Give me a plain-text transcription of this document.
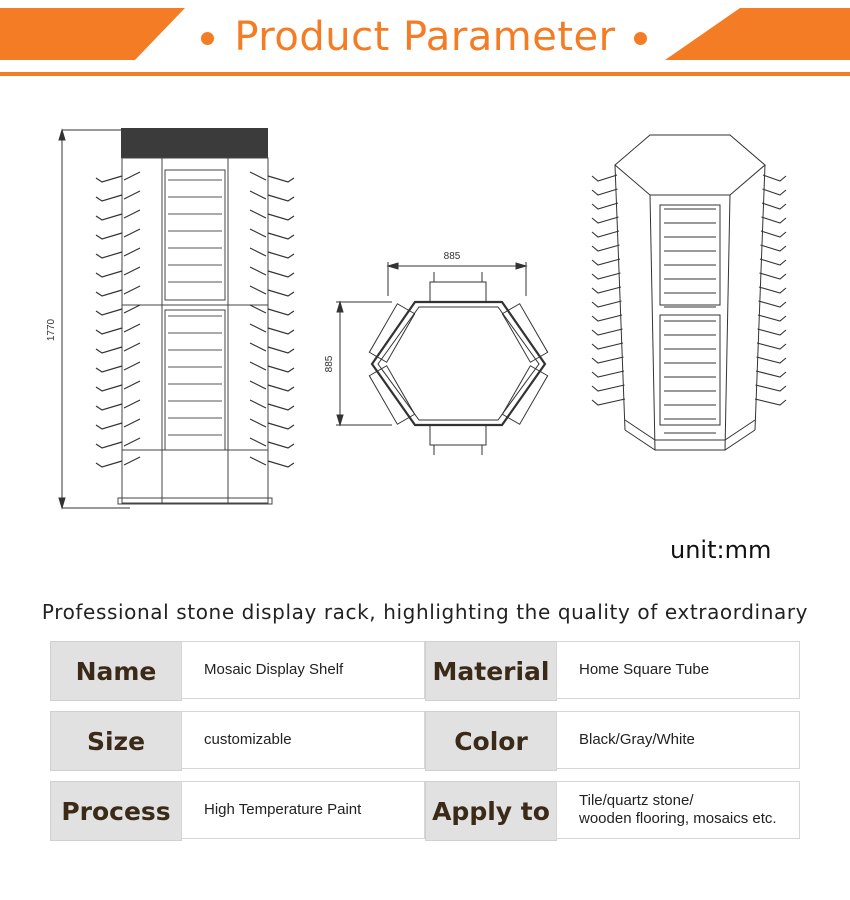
Product Parameter
1770
885
885
unit:mm
Professional stone display rack, highlighting the quality of extraordinary
Name	Mosaic Display Shelf	Material	Home Square Tube
Size	customizable	Color	Black/Gray/White
Process	High Temperature Paint	Apply to	Tile/quartz stone/
wooden flooring, mosaics etc.
